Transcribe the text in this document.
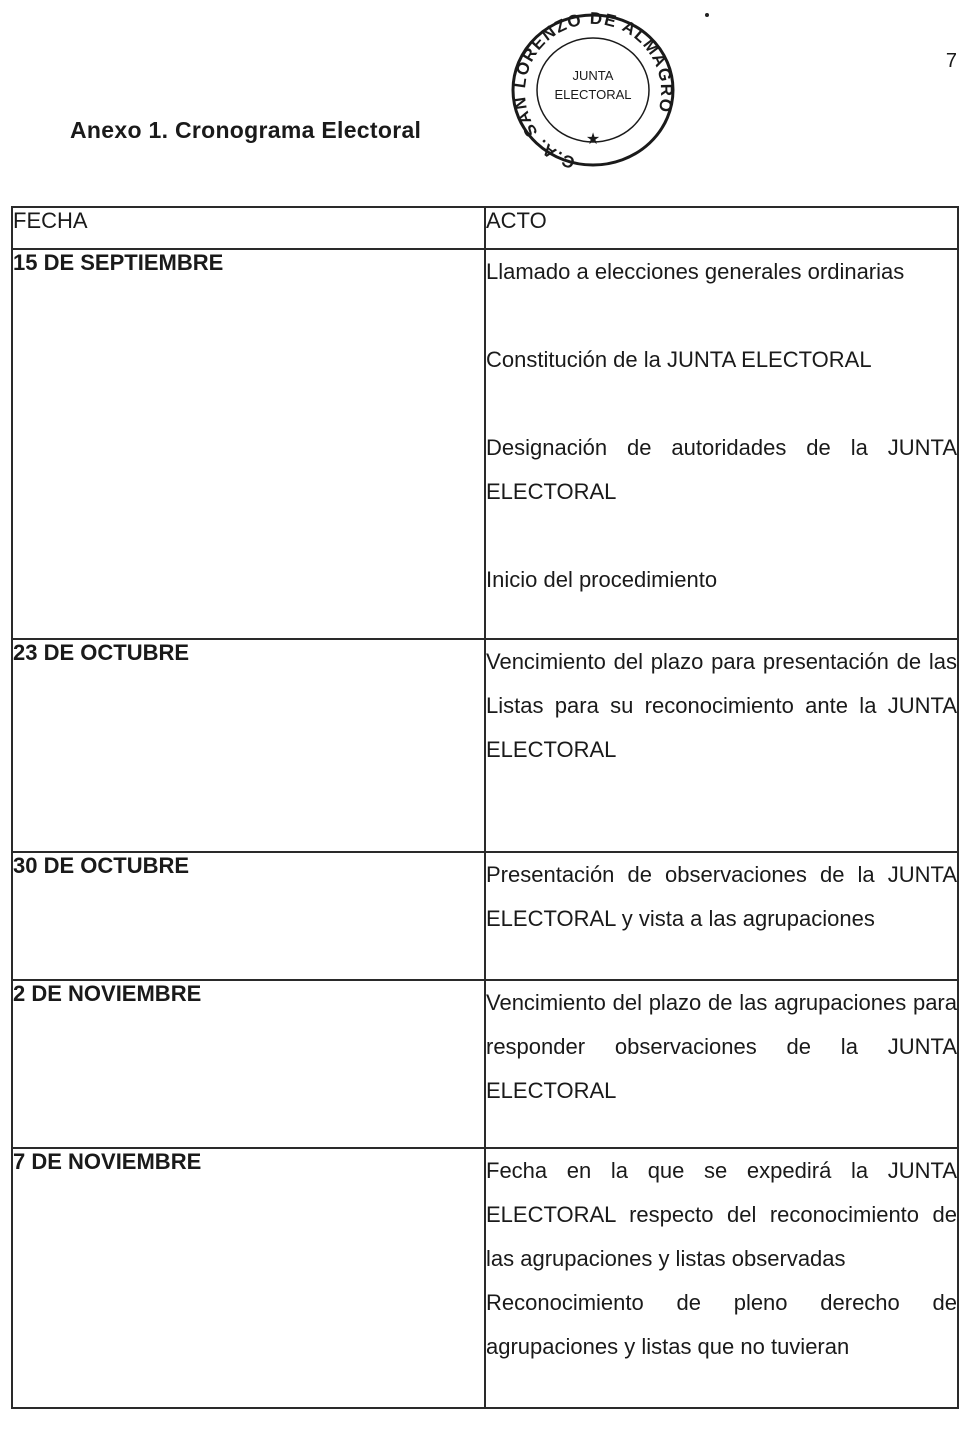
7
Anexo 1. Cronograma Electoral
C.A. SAN LORENZO DE ALMAGRO
JUNTA
ELECTORAL
★
FECHA	ACTO
15 DE SEPTIEMBRE	Llamado a elecciones generales ordinarias

Constitución de la JUNTA ELECTORAL

Designación de autoridades de la JUNTA ELECTORAL

Inicio del procedimiento

23 DE OCTUBRE	Vencimiento del plazo para presentación de las Listas para su reconocimiento ante la JUNTA ELECTORAL

30 DE OCTUBRE	Presentación de observaciones de la JUNTA ELECTORAL y vista a las agrupaciones

2 DE NOVIEMBRE	Vencimiento del plazo de las agrupaciones para responder observaciones de la JUNTA ELECTORAL

7 DE NOVIEMBRE	Fecha en la que se expedirá la JUNTA ELECTORAL respecto del reconocimiento de las agrupaciones y listas observadas

Reconocimiento de pleno derecho de agrupaciones y listas que no tuvieran
